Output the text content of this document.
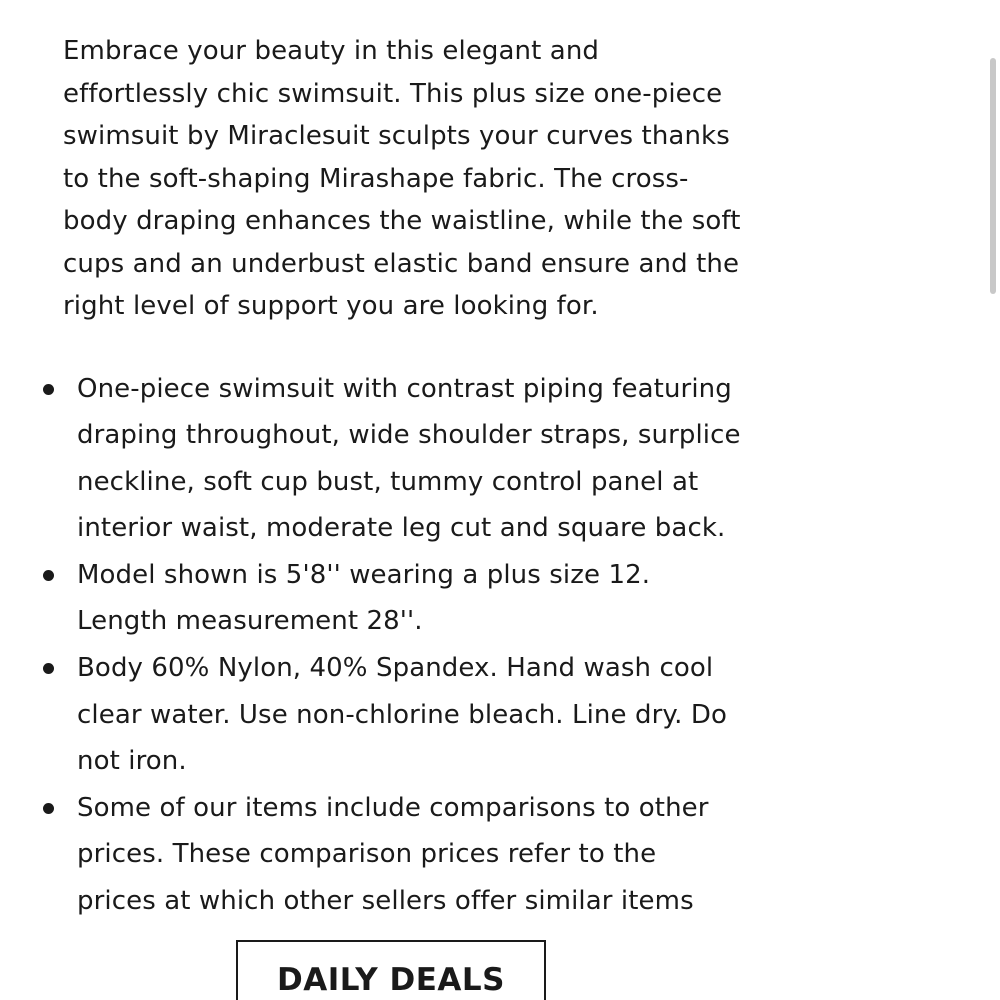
Embrace your beauty in this elegant and effortlessly chic swimsuit. This plus size one-piece swimsuit by Miraclesuit sculpts your curves thanks to the soft-shaping Mirashape fabric. The cross-body draping enhances the waistline, while the soft cups and an underbust elastic band ensure and the right level of support you are looking for.

One-piece swimsuit with contrast piping featuring draping throughout, wide shoulder straps, surplice neckline, soft cup bust, tummy control panel at interior waist, moderate leg cut and square back.
Model shown is 5'8'' wearing a plus size 12. Length measurement 28''.
Body 60% Nylon, 40% Spandex. Hand wash cool clear water. Use non-chlorine bleach. Line dry. Do not iron.
Some of our items include comparisons to other prices. These comparison prices refer to the prices at which other sellers offer similar items
DAILY DEALS
